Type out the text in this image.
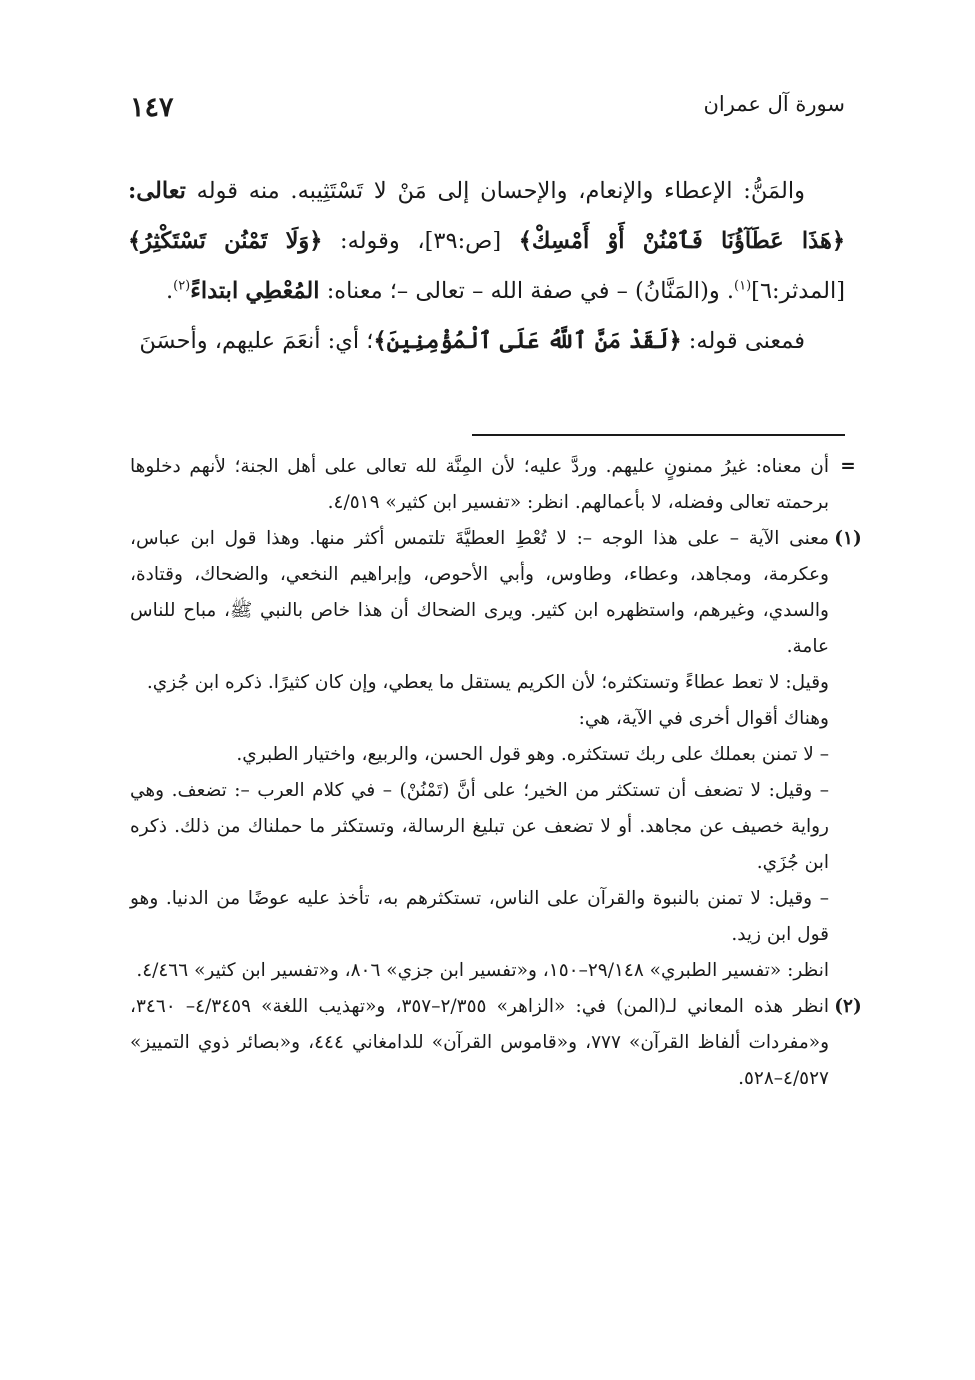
١٤٧	سورة آل عمران

والمَنُّ: الإعطاء والإنعام، والإحسان إلى مَنْ لا تَسْتَثِيبه. منه قوله تعالى: ﴿هَذَا عَطَآؤُنَا فَٱمْنُنْ أَوْ أَمْسِكْ﴾ [ص:٣٩]، وقوله: ﴿وَلَا تَمْنُن تَسْتَكْثِرُ﴾ [المدثر:٦]$^{(١)}$. و(المَنَّانُ) – في صفة الله – تعالى –؛ معناه: المُعْطِي ابتداءً$^{(٢)}$.

فمعنى قوله: ﴿لَقَدْ مَنَّ ٱللَّهُ عَلَى ٱلْمُؤْمِنِينَ﴾؛ أي: أنعَمَ عليهم، وأحسَنَ

=

أن معناه: غيرُ ممنونٍ عليهم. وردَّ عليه؛ لأن المِنَّة لله تعالى على أهل الجنة؛ لأنهم دخلوها برحمته تعالى وفضله، لا بأعمالهم. انظر: «تفسير ابن كثير» ٤/٥١٩.

(١)

معنى الآية – على هذا الوجه –: لا تُعْطِ العطيَّةَ تلتمس أكثر منها. وهذا قول ابن عباس، وعكرمة، ومجاهد، وعطاء، وطاوس، وأبي الأحوص، وإبراهيم النخعي، والضحاك، وقتادة، والسدي، وغيرهم، واستظهره ابن كثير. ويرى الضحاك أن هذا خاص بالنبي ﷺ، مباح للناس عامة.

وقيل: لا تعط عطاءً وتستكثره؛ لأن الكريم يستقل ما يعطي، وإن كان كثيرًا. ذكره ابن جُزي.

وهناك أقوال أخرى في الآية، هي:

– لا تمنن بعملك على ربك تستكثره. وهو قول الحسن، والربيع، واختيار الطبري.

– وقيل: لا تضعف أن تستكثر من الخير؛ على أنَّ (تَمْنُنْ) – في كلام العرب –: تضعف. وهي رواية خصيف عن مجاهد. أو لا تضعف عن تبليغ الرسالة، وتستكثر ما حملناك من ذلك. ذكره ابن جُزَي.

– وقيل: لا تمنن بالنبوة والقرآن على الناس، تستكثرهم به، تأخذ عليه عوضًا من الدنيا. وهو قول ابن زيد.

انظر: «تفسير الطبري» ٢٩/١٤٨–١٥٠، و«تفسير ابن جزي» ٨٠٦، و«تفسير ابن كثير» ٤/٤٦٦.

(٢)

انظر هذه المعاني لـ(المن) في: «الزاهر» ٢/٣٥٥–٣٥٧، و«تهذيب اللغة» ٤/٣٤٥٩– ٣٤٦٠، و«مفردات ألفاظ القرآن» ٧٧٧، و«قاموس القرآن» للدامغاني ٤٤٤، و«بصائر ذوي التمييز» ٤/٥٢٧–٥٢٨.
